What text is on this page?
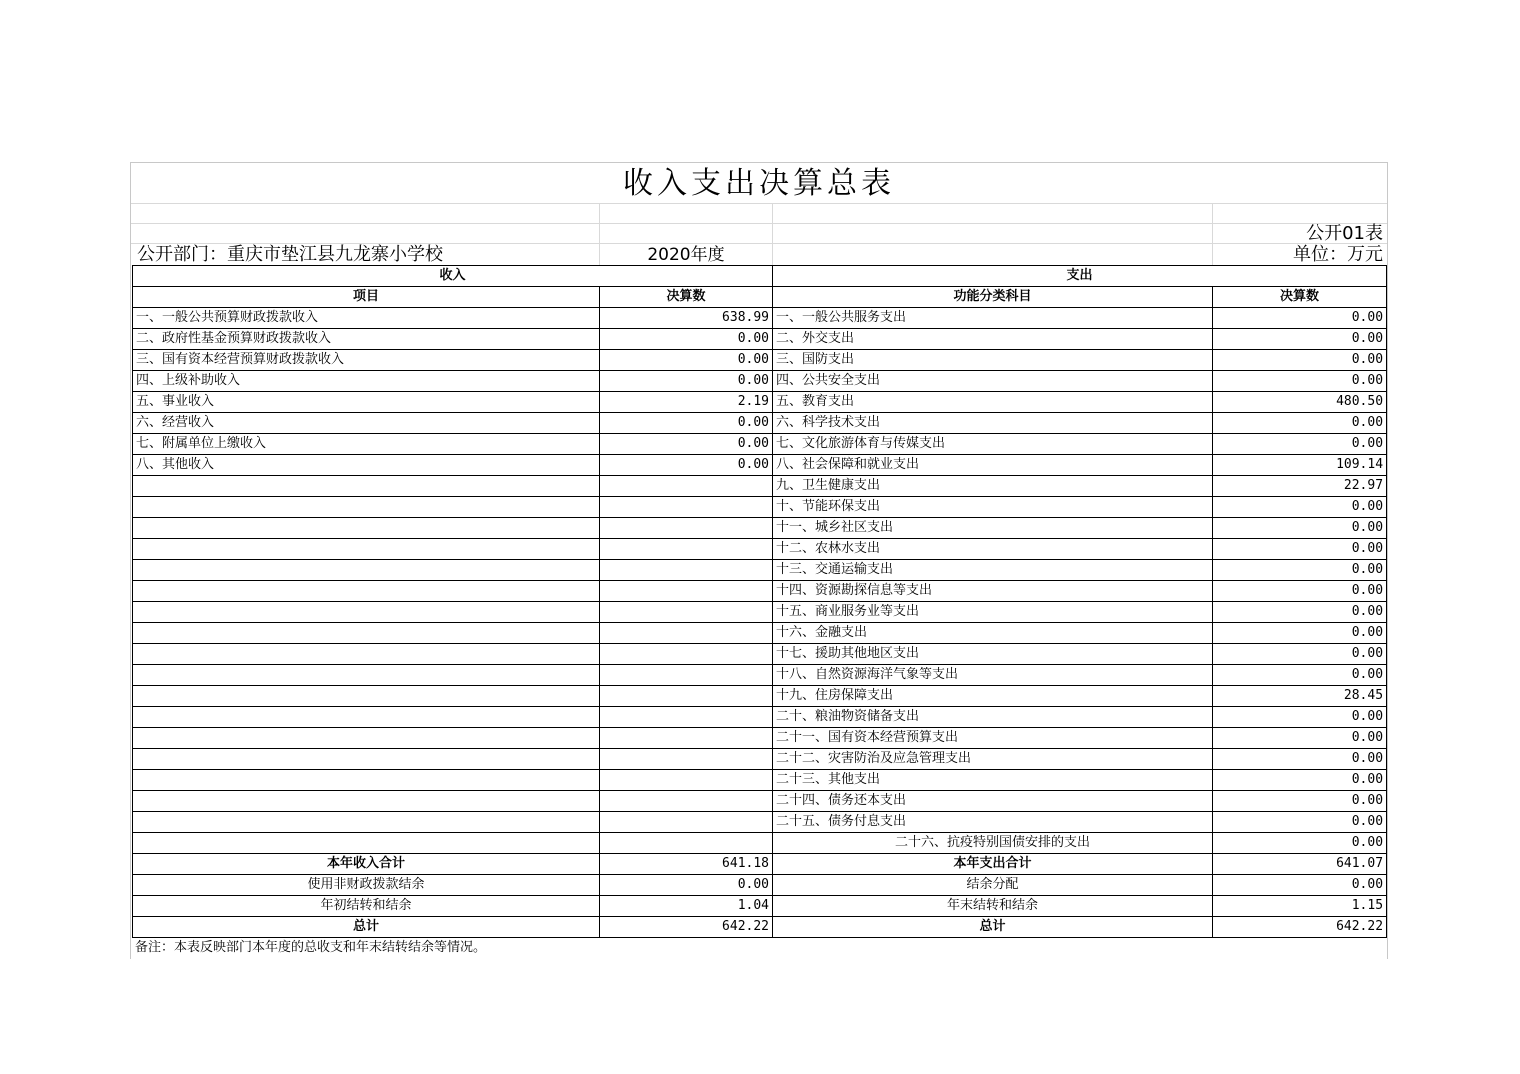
收入支出决算总表
公开部门：重庆市垫江县九龙寨小学校	2020年度
公开01表
单位：万元
收入		支出	
项目	决算数	功能分类科目	决算数
一、一般公共预算财政拨款收入	638.99	一、一般公共服务支出	0.00
二、政府性基金预算财政拨款收入	0.00	二、外交支出	0.00
三、国有资本经营预算财政拨款收入	0.00	三、国防支出	0.00
四、上级补助收入	0.00	四、公共安全支出	0.00
五、事业收入	2.19	五、教育支出	480.50
六、经营收入	0.00	六、科学技术支出	0.00
七、附属单位上缴收入	0.00	七、文化旅游体育与传媒支出	0.00
八、其他收入	0.00	八、社会保障和就业支出	109.14
		九、卫生健康支出	22.97
		十、节能环保支出	0.00
		十一、城乡社区支出	0.00
		十二、农林水支出	0.00
		十三、交通运输支出	0.00
		十四、资源勘探信息等支出	0.00
		十五、商业服务业等支出	0.00
		十六、金融支出	0.00
		十七、援助其他地区支出	0.00
		十八、自然资源海洋气象等支出	0.00
		十九、住房保障支出	28.45
		二十、粮油物资储备支出	0.00
		二十一、国有资本经营预算支出	0.00
		二十二、灾害防治及应急管理支出	0.00
		二十三、其他支出	0.00
		二十四、债务还本支出	0.00
		二十五、债务付息支出	0.00
		二十六、抗疫特别国债安排的支出	0.00
本年收入合计	641.18	本年支出合计	641.07
使用非财政拨款结余	0.00	结余分配	0.00
年初结转和结余	1.04	年末结转和结余	1.15
总计	642.22	总计	642.22
备注：本表反映部门本年度的总收支和年末结转结余等情况。
